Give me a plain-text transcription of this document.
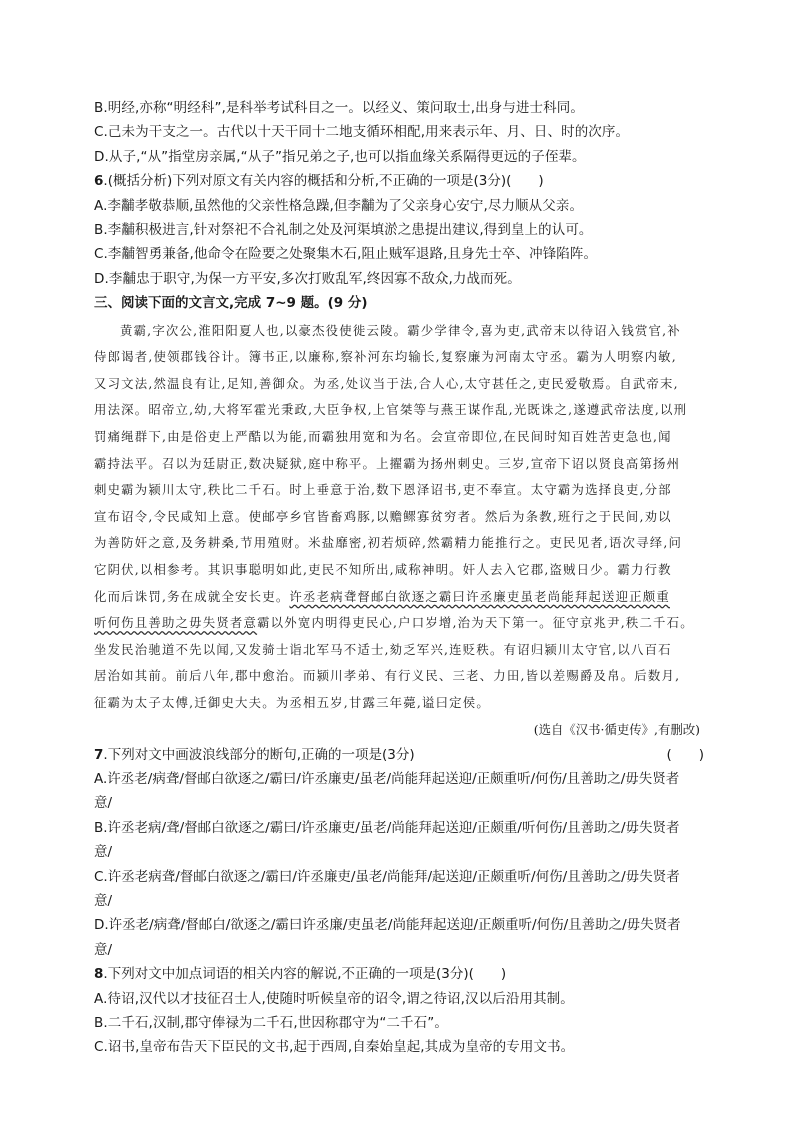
B.明经,亦称“明经科”,是科举考试科目之一。以经义、策问取士,出身与进士科同。
C.己未为干支之一。古代以十天干同十二地支循环相配,用来表示年、月、日、时的次序。
D.从子,“从”指堂房亲属,“从子”指兄弟之子,也可以指血缘关系隔得更远的子侄辈。
6.(概括分析)下列对原文有关内容的概括和分析,不正确的一项是(3分)(　　)
A.李黼孝敬恭顺,虽然他的父亲性格急躁,但李黼为了父亲身心安宁,尽力顺从父亲。
B.李黼积极进言,针对祭祀不合礼制之处及河渠填淤之患提出建议,得到皇上的认可。
C.李黼智勇兼备,他命令在险要之处聚集木石,阻止贼军退路,且身先士卒、冲锋陷阵。
D.李黼忠于职守,为保一方平安,多次打败乱军,终因寡不敌众,力战而死。
三、阅读下面的文言文,完成 7~9 题。(9 分)
黄霸,字次公,淮阳阳夏人也,以豪杰役使徙云陵。霸少学律令,喜为吏,武帝末以待诏入钱赏官,补
侍郎谒者,使领郡钱谷计。簿书正,以廉称,察补河东均输长,复察廉为河南太守丞。霸为人明察内敏,
又习文法,然温良有让,足知,善御众。为丞,处议当于法,合人心,太守甚任之,吏民爱敬焉。自武帝末,
用法深。昭帝立,幼,大将军霍光秉政,大臣争权,上官桀等与燕王谋作乱,光既诛之,遂遵武帝法度,以刑
罚痛绳群下,由是俗吏上严酷以为能,而霸独用宽和为名。会宣帝即位,在民间时知百姓苦吏急也,闻
霸持法平。召以为廷尉正,数决疑狱,庭中称平。上擢霸为扬州刺史。三岁,宣帝下诏以贤良高第扬州
刺史霸为颍川太守,秩比二千石。时上垂意于治,数下恩泽诏书,吏不奉宣。太守霸为选择良吏,分部
宣布诏令,令民咸知上意。使邮亭乡官皆畜鸡豚,以赡鳏寡贫穷者。然后为条教,班行之于民间,劝以
为善防奸之意,及务耕桑,节用殖财。米盐靡密,初若烦碎,然霸精力能推行之。吏民见者,语次寻绎,问
它阴伏,以相参考。其识事聪明如此,吏民不知所出,咸称神明。奸人去入它郡,盗贼日少。霸力行教
化而后诛罚,务在成就全安长吏。许丞老病聋督邮白欲逐之霸曰许丞廉吏虽老尚能拜起送迎正颇重
听何伤且善助之毋失贤者意霸以外宽内明得吏民心,户口岁增,治为天下第一。征守京兆尹,秩二千石。
坐发民治驰道不先以闻,又发骑士诣北军马不适士,劾乏军兴,连贬秩。有诏归颍川太守官,以八百石
居治如其前。前后八年,郡中愈治。而颍川孝弟、有行义民、三老、力田,皆以差赐爵及帛。后数月,
征霸为太子太傅,迁御史大夫。为丞相五岁,甘露三年薨,谥曰定侯。
(选自《汉书·循吏传》,有删改)
7.下列对文中画波浪线部分的断句,正确的一项是(3分)	(　　)
A.许丞老/病聋/督邮白欲逐之/霸曰/许丞廉吏/虽老/尚能拜起送迎/正颇重听/何伤/且善助之/毋失贤者
意/
B.许丞老病/聋/督邮白欲逐之/霸曰/许丞廉吏/虽老/尚能拜起送迎/正颇重/听何伤/且善助之/毋失贤者
意/
C.许丞老病聋/督邮白欲逐之/霸曰/许丞廉吏/虽老/尚能拜/起送迎/正颇重听/何伤/且善助之/毋失贤者
意/
D.许丞老/病聋/督邮白/欲逐之/霸曰许丞廉/吏虽老/尚能拜起送迎/正颇重听/何伤/且善助之/毋失贤者
意/
8.下列对文中加点词语的相关内容的解说,不正确的一项是(3分)(　　)
A.待诏,汉代以才技征召士人,使随时听候皇帝的诏令,谓之待诏,汉以后沿用其制。
B.二千石,汉制,郡守俸禄为二千石,世因称郡守为“二千石”。
C.诏书,皇帝布告天下臣民的文书,起于西周,自秦始皇起,其成为皇帝的专用文书。
